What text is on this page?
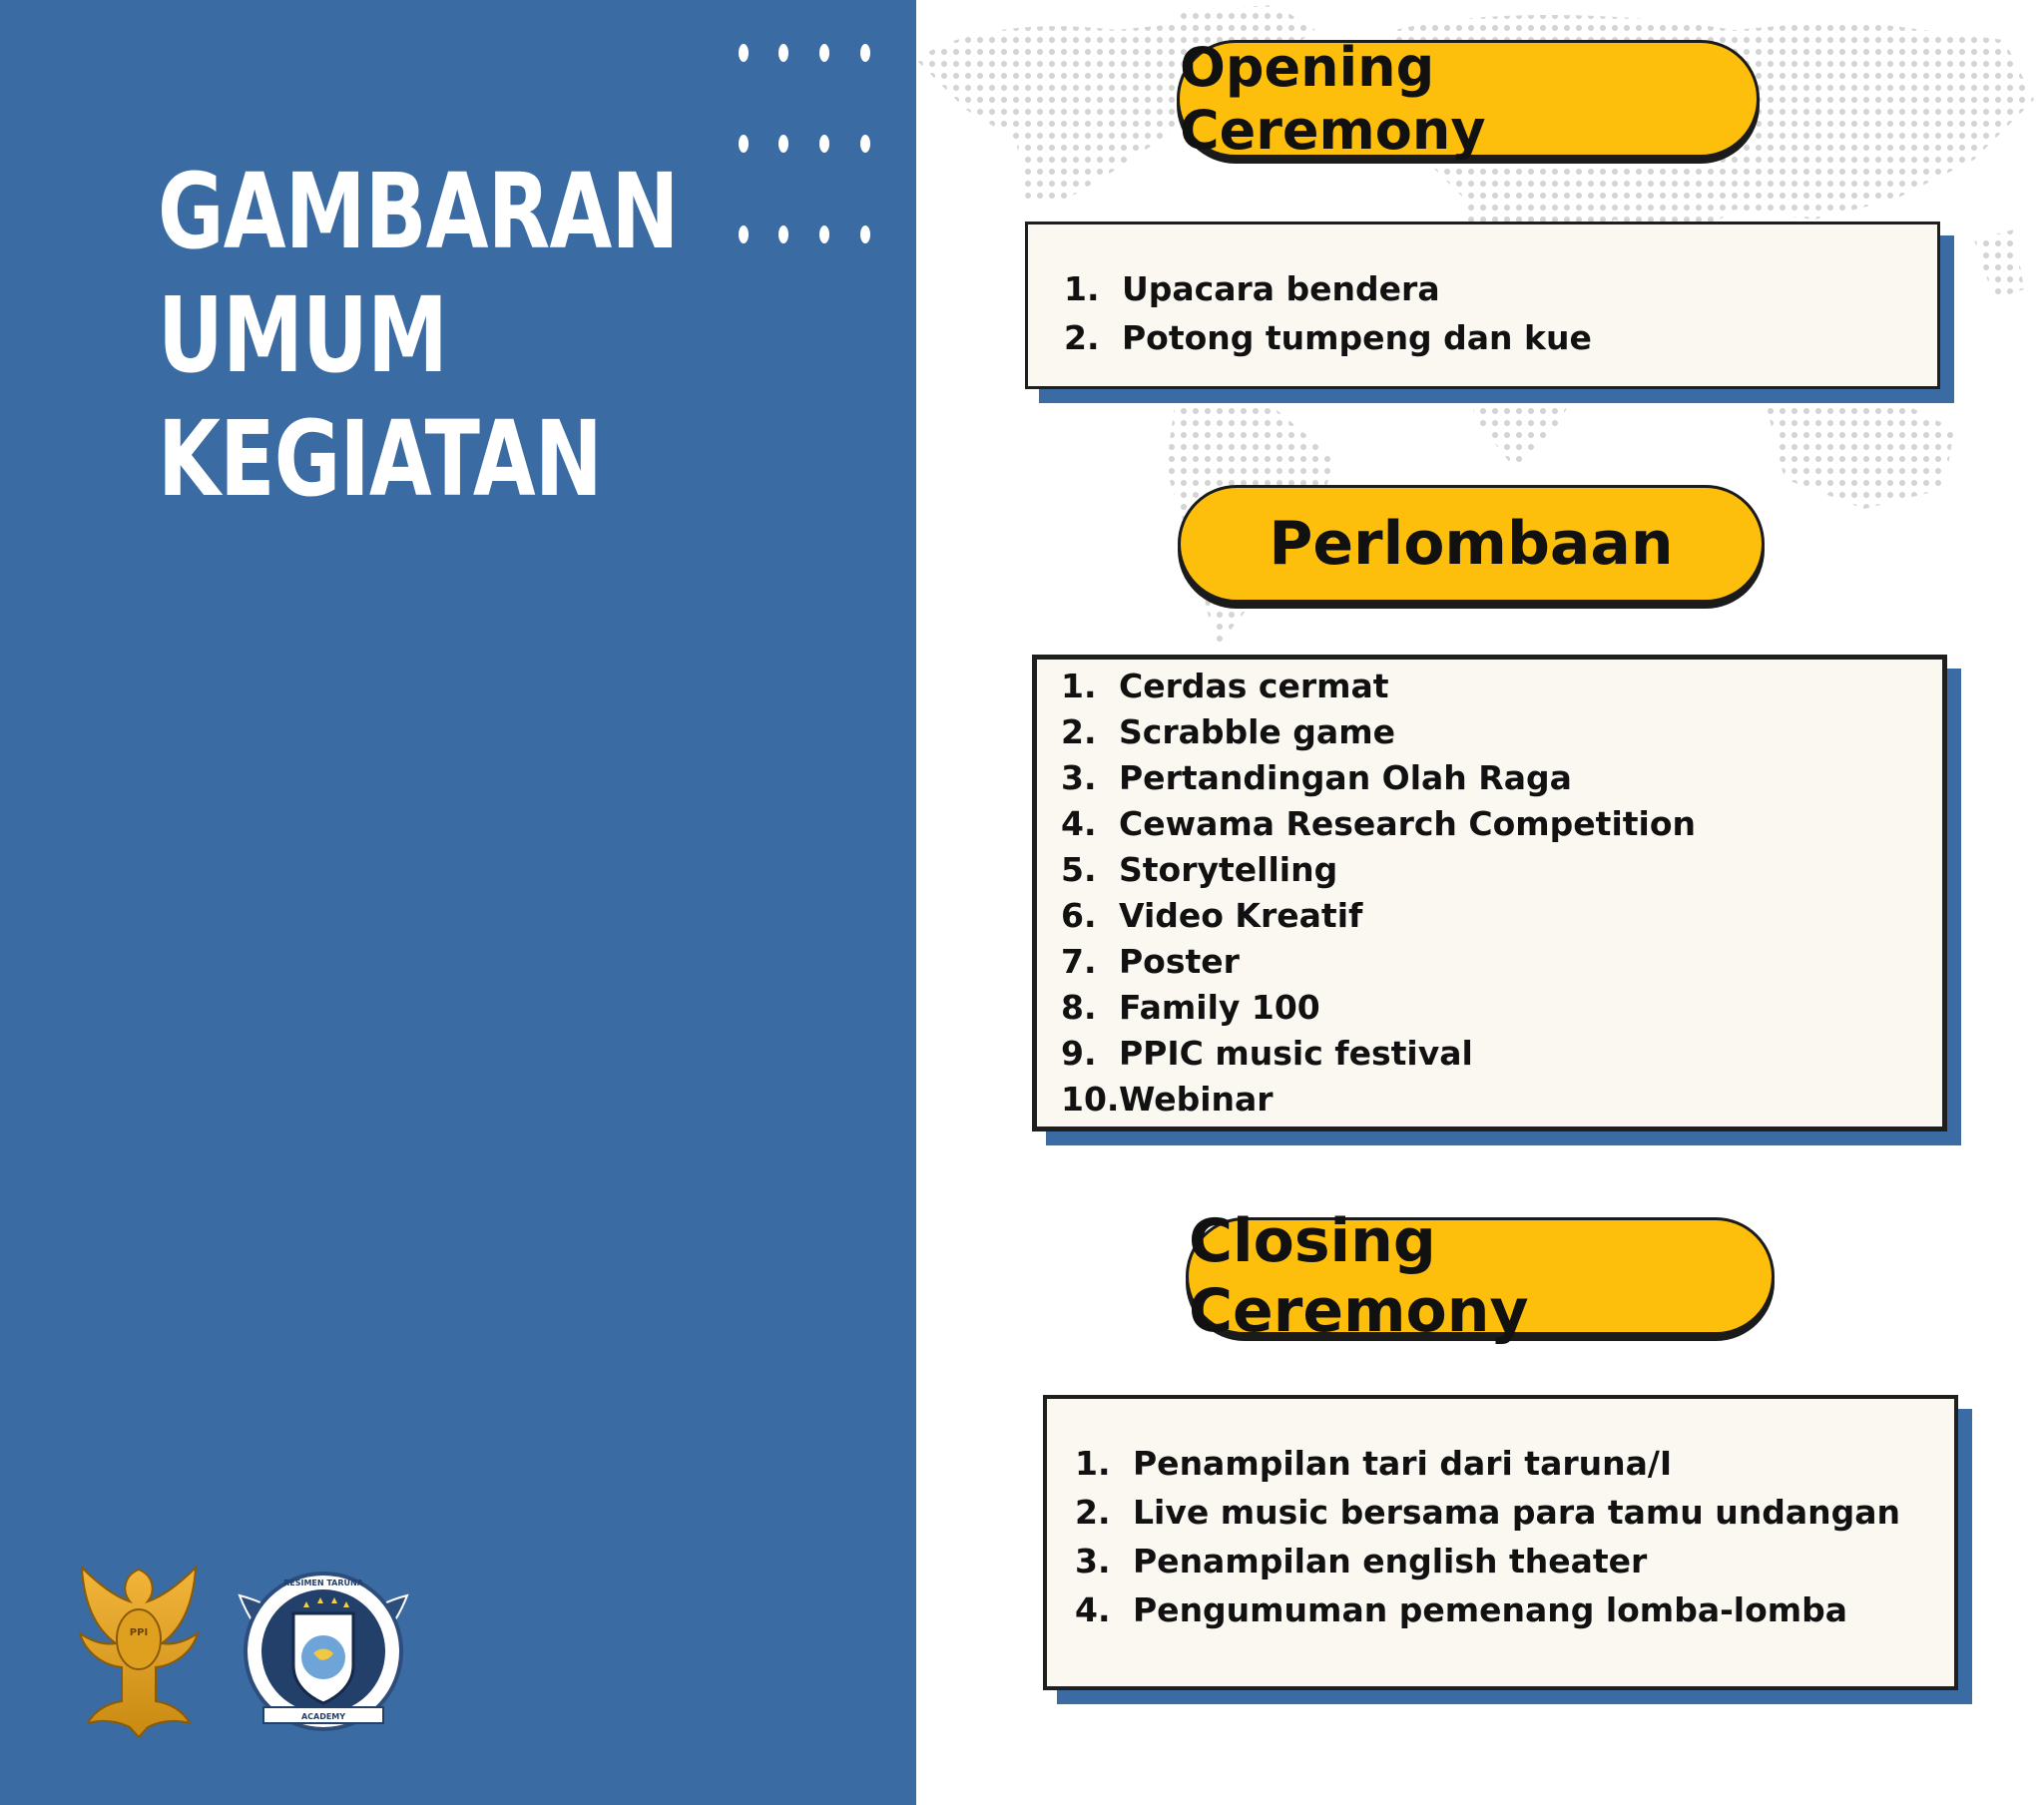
GAMBARAN
UMUM
KEGIATAN
PPI
RESIMEN TARUNA
ACADEMY
Opening Ceremony
1. Upacara bendera
2. Potong tumpeng dan kue
Perlombaan
1. Cerdas cermat
2. Scrabble game
3. Pertandingan Olah Raga
4. Cewama Research Competition
5. Storytelling
6. Video Kreatif
7. Poster
8. Family 100
9. PPIC music festival
10. Webinar
Closing Ceremony
1. Penampilan tari dari taruna/I
2. Live music bersama para tamu undangan
3. Penampilan english theater
4. Pengumuman pemenang lomba-lomba
